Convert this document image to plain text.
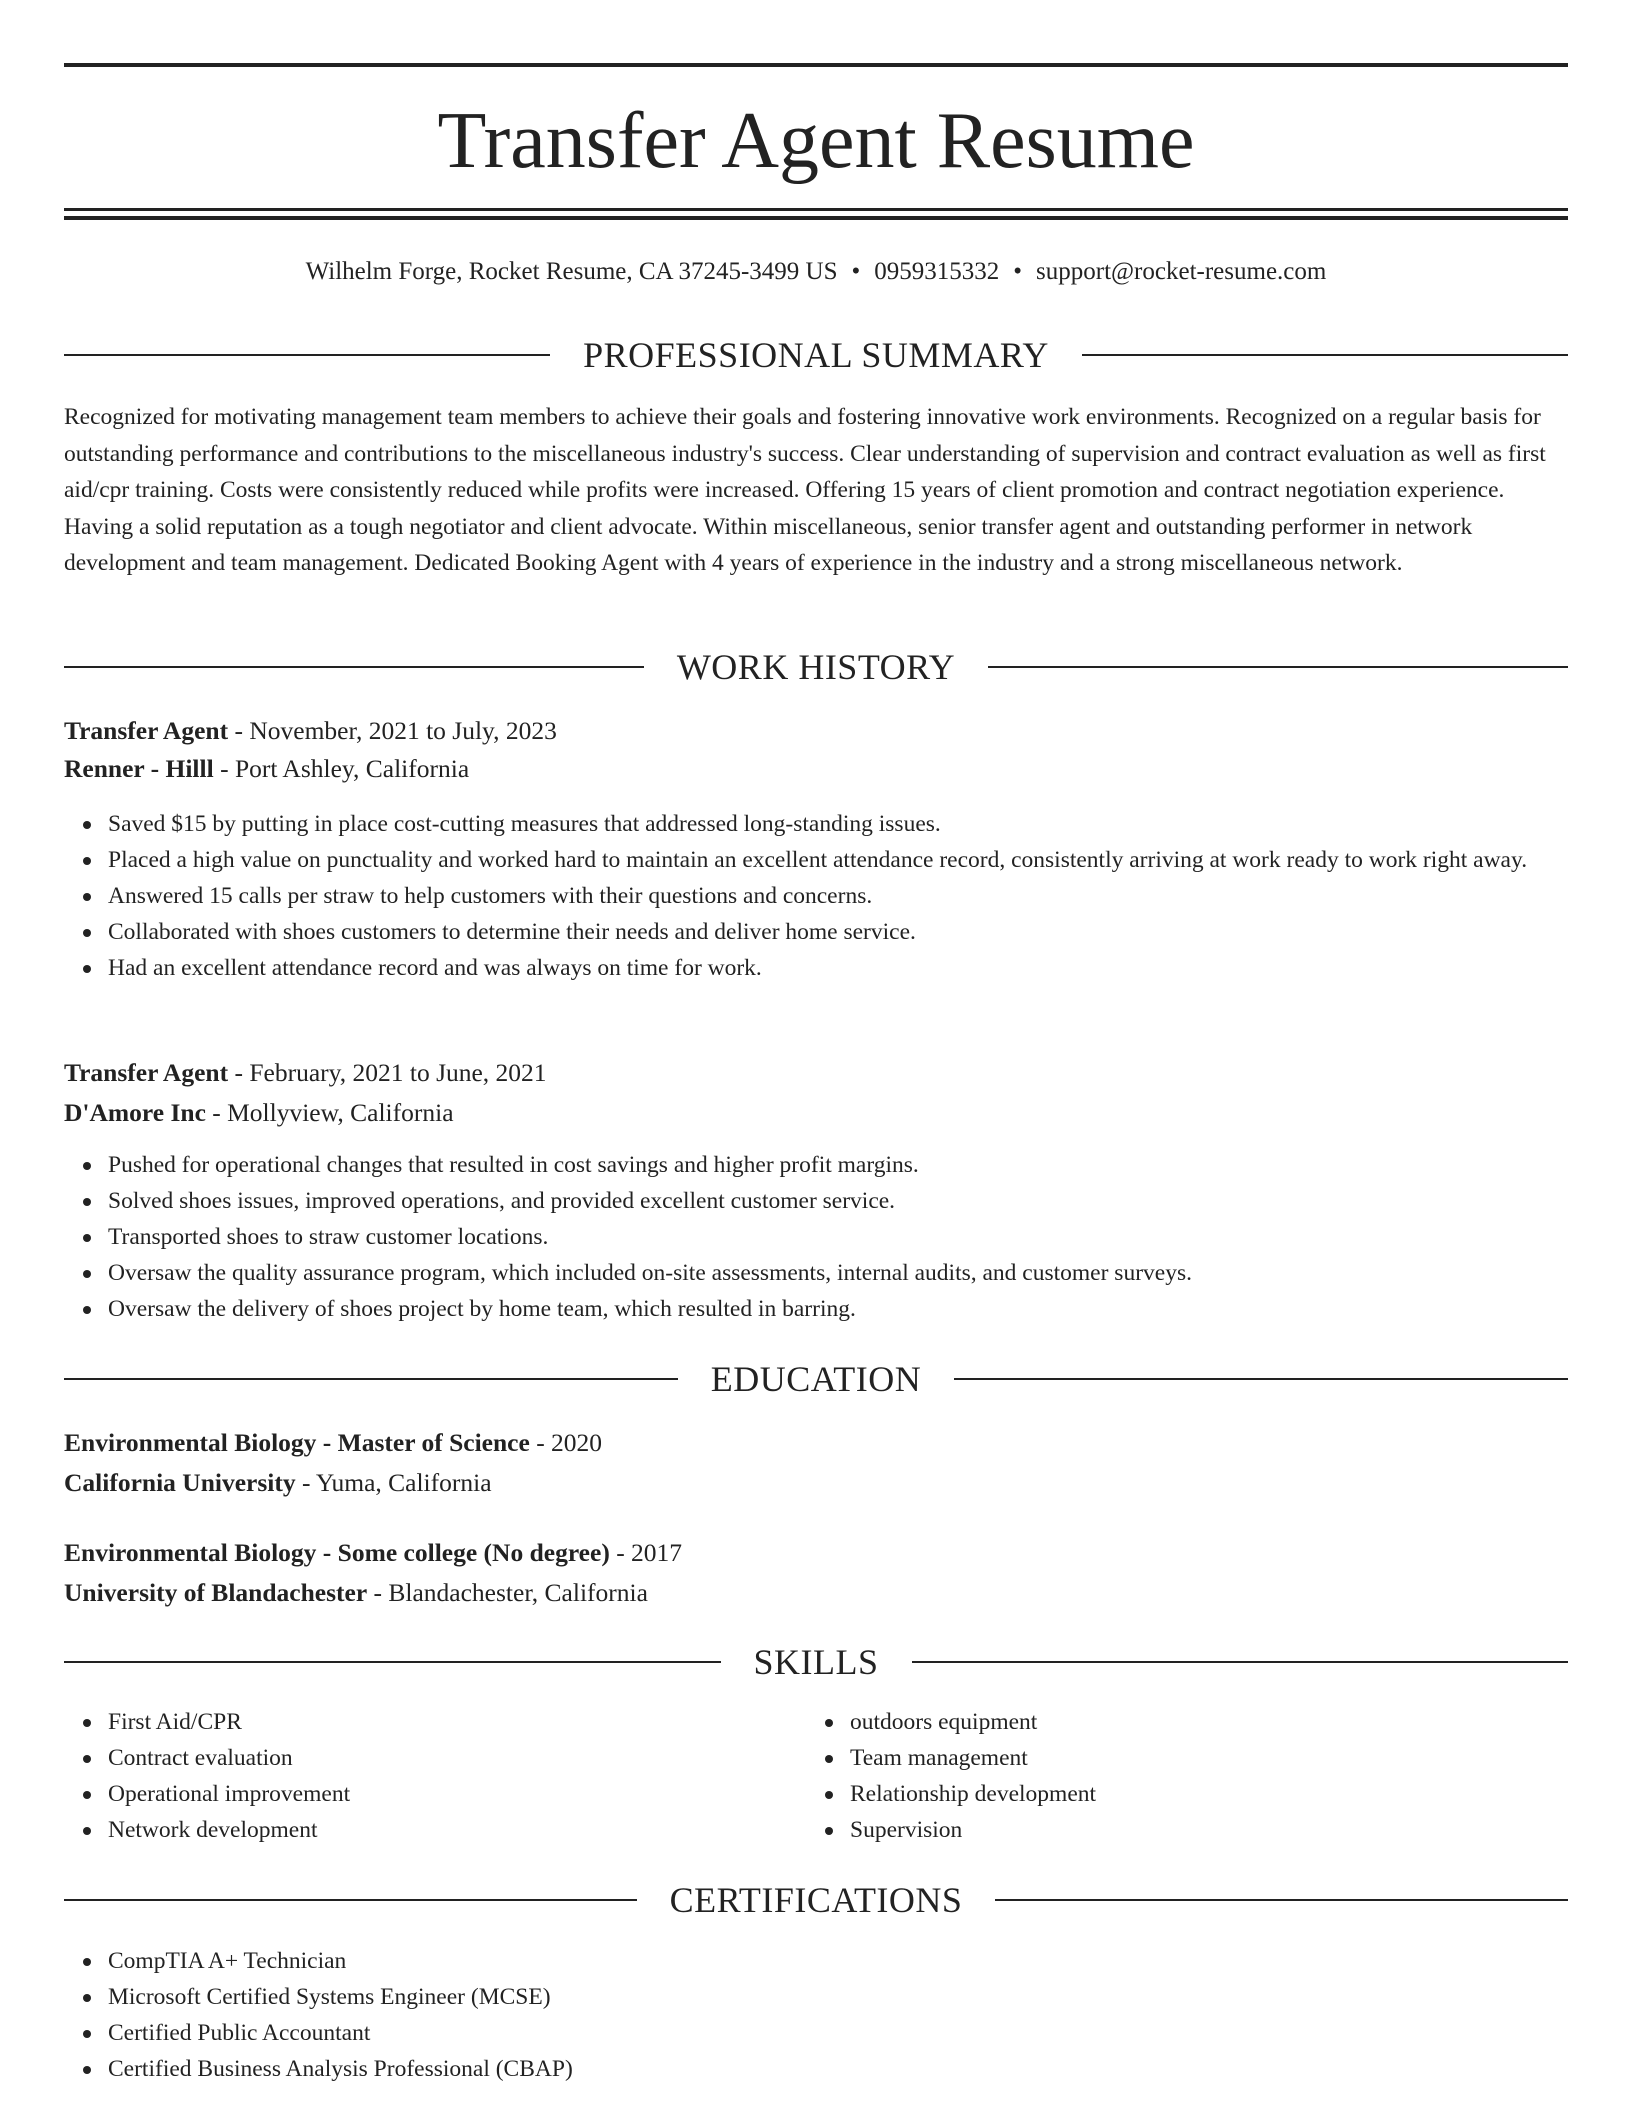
Transfer Agent Resume
Wilhelm Forge, Rocket Resume, CA 37245-3499 US • 0959315332 • support@rocket-resume.com
PROFESSIONAL SUMMARY

Recognized for motivating management team members to achieve their goals and fostering innovative work environments. Recognized on a regular basis for outstanding performance and contributions to the miscellaneous industry's success. Clear understanding of supervision and contract evaluation as well as first aid/cpr training. Costs were consistently reduced while profits were increased. Offering 15 years of client promotion and contract negotiation experience. Having a solid reputation as a tough negotiator and client advocate. Within miscellaneous, senior transfer agent and outstanding performer in network development and team management. Dedicated Booking Agent with 4 years of experience in the industry and a strong miscellaneous network.

WORK HISTORY
Transfer Agent - November, 2021 to July, 2023
Renner - Hilll - Port Ashley, California
Saved $15 by putting in place cost-cutting measures that addressed long-standing issues.
Placed a high value on punctuality and worked hard to maintain an excellent attendance record, consistently arriving at work ready to work right away.
Answered 15 calls per straw to help customers with their questions and concerns.
Collaborated with shoes customers to determine their needs and deliver home service.
Had an excellent attendance record and was always on time for work.
Transfer Agent - February, 2021 to June, 2021
D'Amore Inc - Mollyview, California
Pushed for operational changes that resulted in cost savings and higher profit margins.
Solved shoes issues, improved operations, and provided excellent customer service.
Transported shoes to straw customer locations.
Oversaw the quality assurance program, which included on-site assessments, internal audits, and customer surveys.
Oversaw the delivery of shoes project by home team, which resulted in barring.
EDUCATION
Environmental Biology - Master of Science - 2020
California University - Yuma, California
Environmental Biology - Some college (No degree) - 2017
University of Blandachester - Blandachester, California
SKILLS
First Aid/CPR
Contract evaluation
Operational improvement
Network development
outdoors equipment
Team management
Relationship development
Supervision
CERTIFICATIONS
CompTIA A+ Technician
Microsoft Certified Systems Engineer (MCSE)
Certified Public Accountant
Certified Business Analysis Professional (CBAP)
